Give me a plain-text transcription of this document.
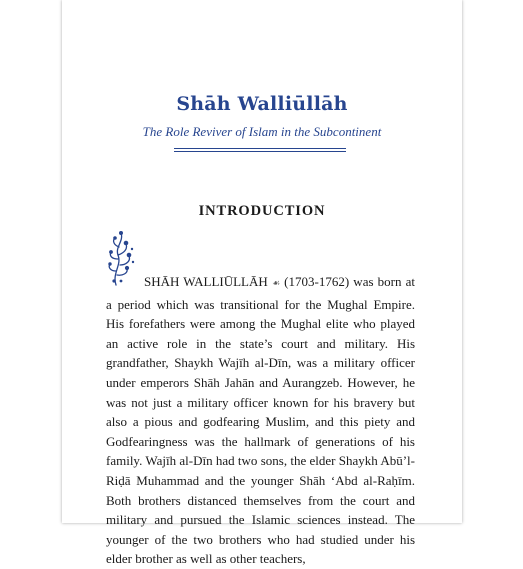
Shāh Walliūllāh
The Role Reviver of Islam in the Subcontinent
INTRODUCTION

SHĀH WALLIŪLLĀH ☙ (1703-1762) was born at a period which was transitional for the Mughal Empire. His forefathers were among the Mughal elite who played an active role in the state’s court and military. His grandfather, Shaykh Wajīh al-Dīn, was a military officer under emperors Shāh Jahān and Aurangzeb. However, he was not just a military officer known for his bravery but also a pious and godfearing Muslim, and this piety and Godfearingness was the hallmark of generations of his family. Wajīh al-Dīn had two sons, the elder Shaykh Abū’l-Riḍā Muhammad and the younger Shāh ‘Abd al-Raḥīm. Both brothers distanced themselves from the court and military and pursued the Islamic sciences instead. The younger of the two brothers who had studied under his elder brother as well as other teachers,
